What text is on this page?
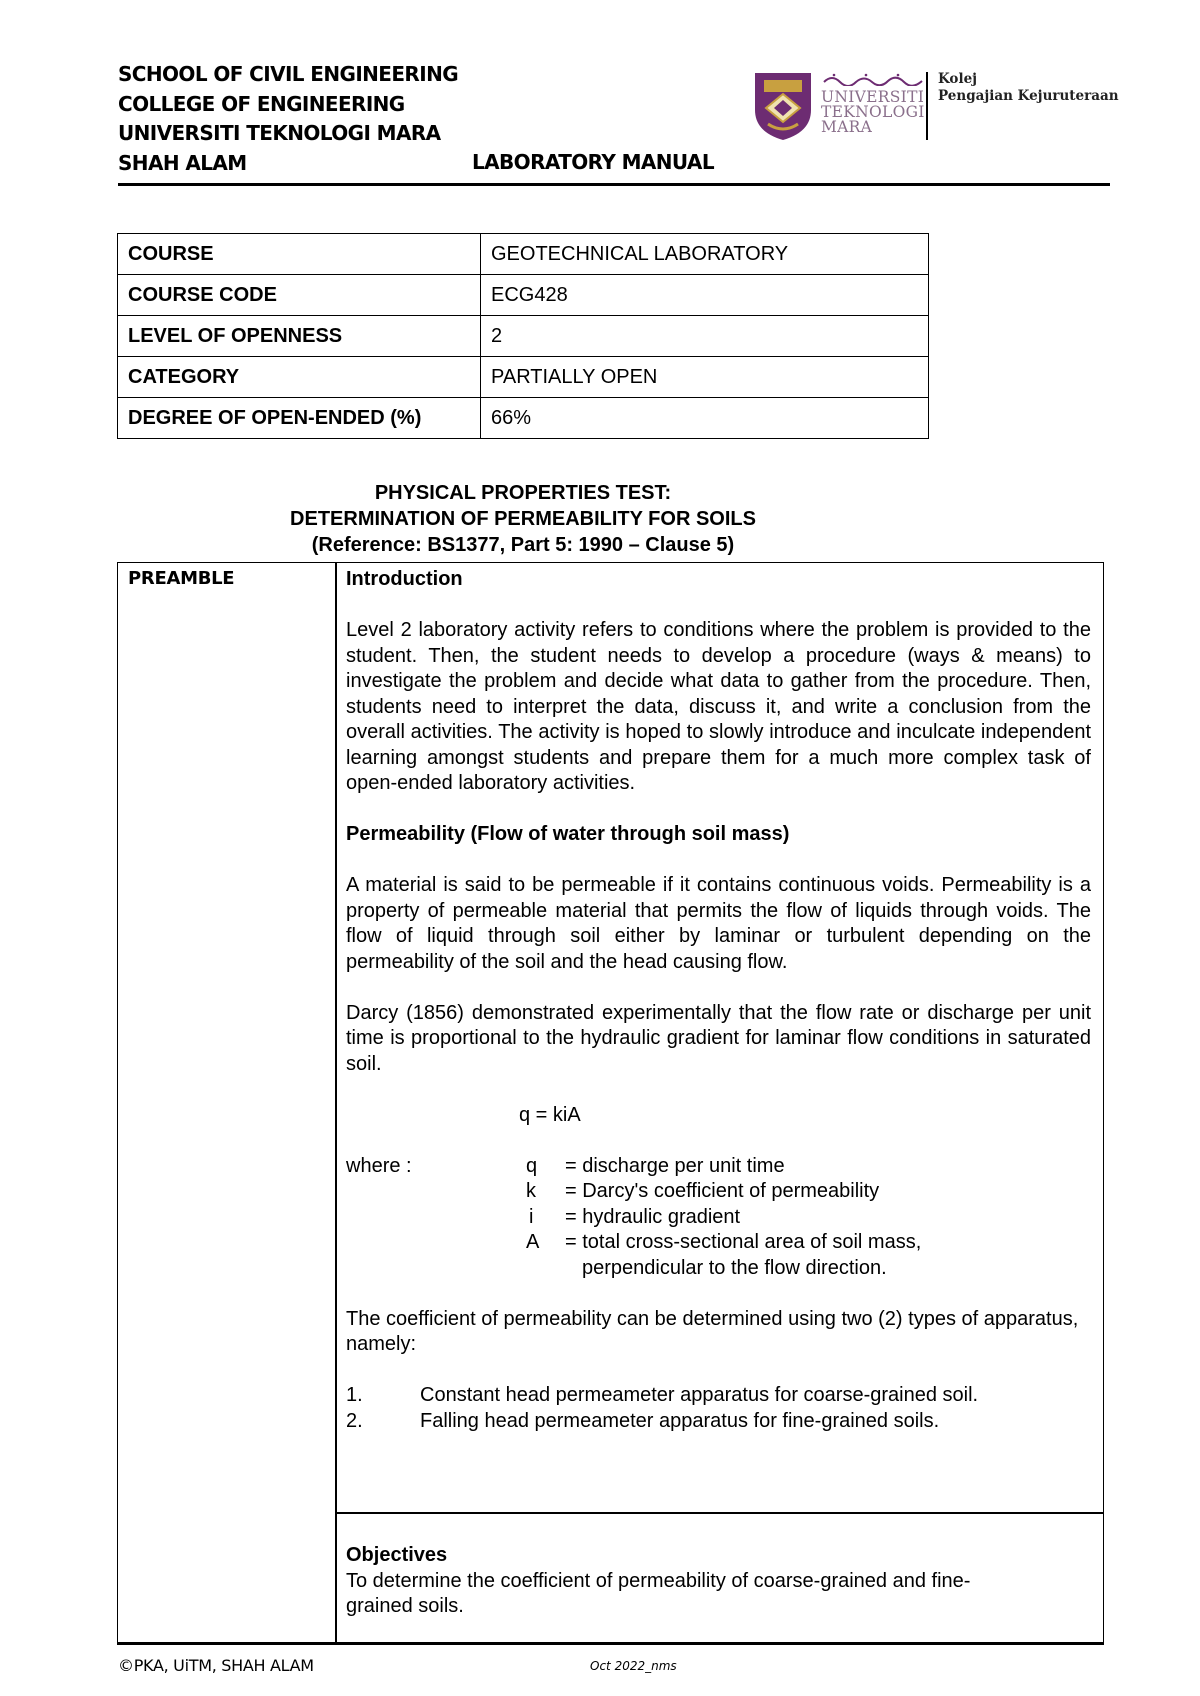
SCHOOL OF CIVIL ENGINEERING
COLLEGE OF ENGINEERING
UNIVERSITI TEKNOLOGI MARA
SHAH ALAM	LABORATORY MANUAL
UNIVERSITI
TEKNOLOGI
MARA
Kolej
Pengajian Kejuruteraan
COURSE	GEOTECHNICAL LABORATORY
COURSE CODE	ECG428
LEVEL OF OPENNESS	2
CATEGORY	PARTIALLY OPEN
DEGREE OF OPEN-ENDED (%)	66%
PHYSICAL PROPERTIES TEST:
DETERMINATION OF PERMEABILITY FOR SOILS
(Reference: BS1377, Part 5: 1990 – Clause 5)
PREAMBLE	Introduction

Level 2 laboratory activity refers to conditions where the problem is provided to the student. Then, the student needs to develop a procedure (ways & means) to investigate the problem and decide what data to gather from the procedure. Then, students need to interpret the data, discuss it, and write a conclusion from the overall activities. The activity is hoped to slowly introduce and inculcate independent learning amongst students and prepare them for a much more complex task of open-ended laboratory activities.

Permeability (Flow of water through soil mass)

A material is said to be permeable if it contains continuous voids. Permeability is a property of permeable material that permits the flow of liquids through voids. The flow of liquid through soil either by laminar or turbulent depending on the permeability of the soil and the head causing flow.

Darcy (1856) demonstrated experimentally that the flow rate or discharge per unit time is proportional to the hydraulic gradient for laminar flow conditions in saturated soil.

q = kiA

where :	q = discharge per unit time
k = Darcy's coefficient of permeability
i = hydraulic gradient
A = total cross-sectional area of soil mass,
perpendicular to the flow direction.

The coefficient of permeability can be determined using two (2) types of apparatus, namely:

1.	Constant head permeameter apparatus for coarse-grained soil.
2.	Falling head permeameter apparatus for fine-grained soils.

Objectives

To determine the coefficient of permeability of coarse-grained and fine-

grained soils.

©PKA, UiTM, SHAH ALAM	Oct 2022_nms
